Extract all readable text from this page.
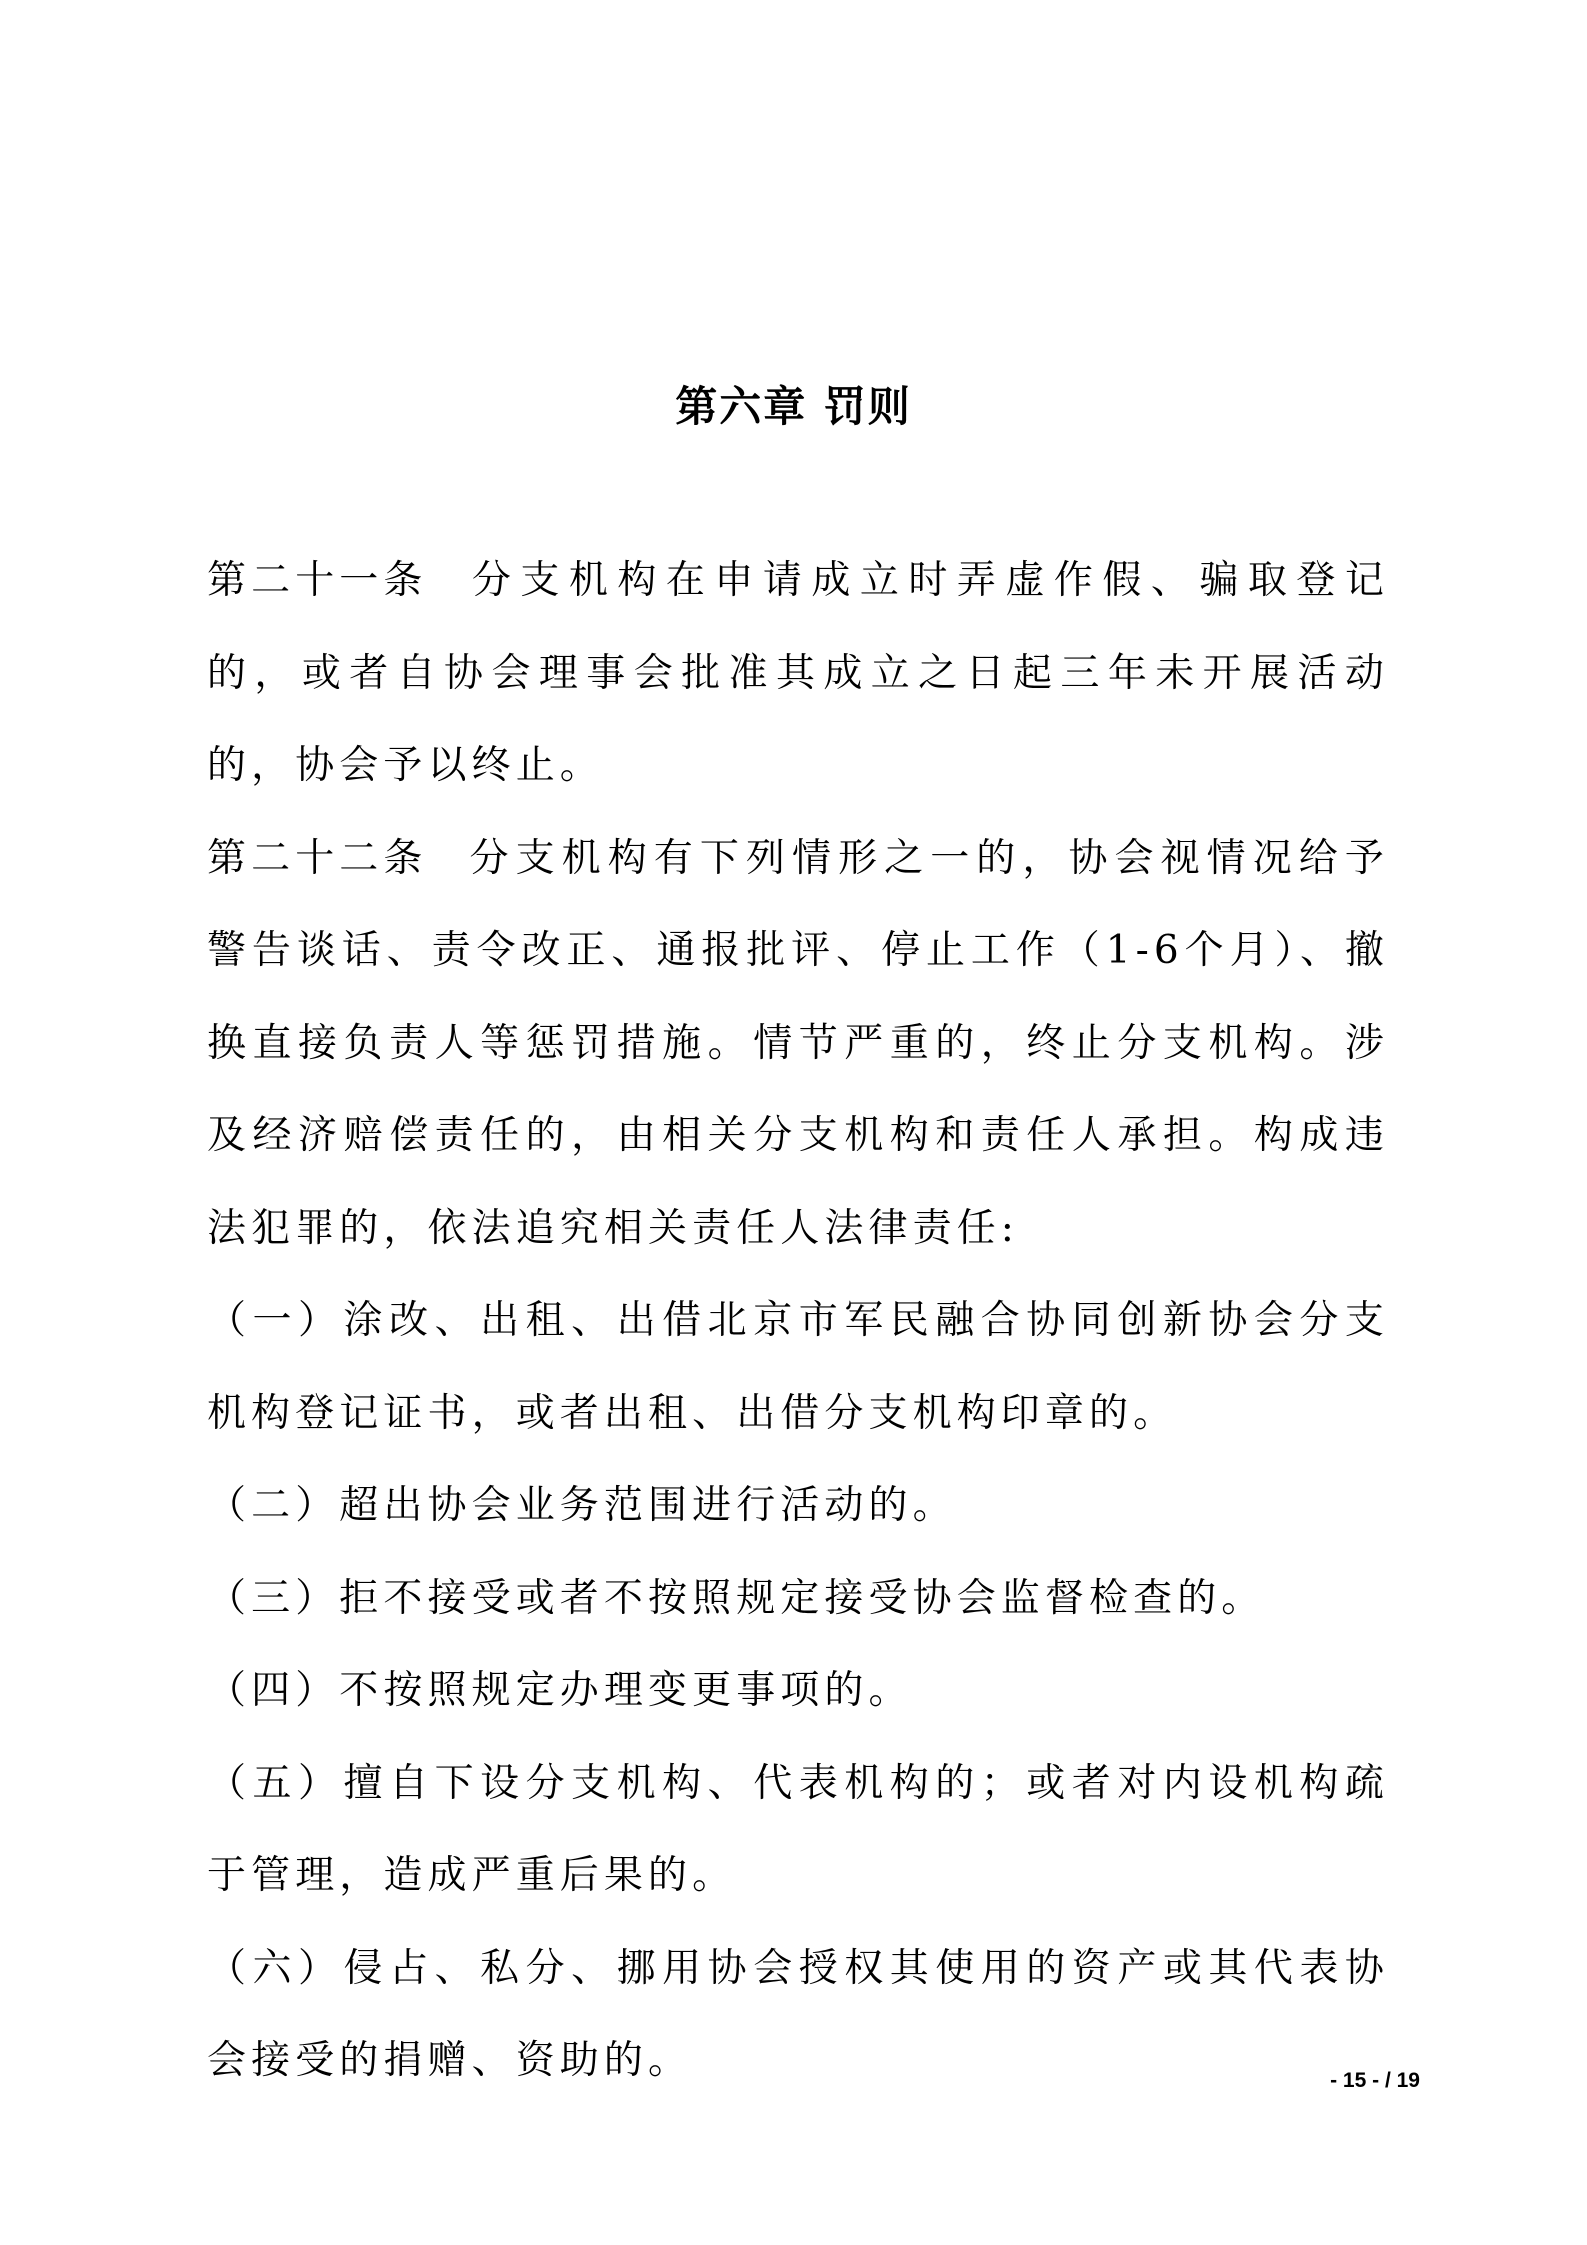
第六章 罚则

第二十一条 分支机构在申请成立时弄虚作假、骗取登记的，或者自协会理事会批准其成立之日起三年未开展活动的，协会予以终止。

第二十二条 分支机构有下列情形之一的，协会视情况给予警告谈话、责令改正、通报批评、停止工作（1-6个月）、撤换直接负责人等惩罚措施。情节严重的，终止分支机构。涉及经济赔偿责任的，由相关分支机构和责任人承担。构成违法犯罪的，依法追究相关责任人法律责任:

（一）涂改、出租、出借北京市军民融合协同创新协会分支机构登记证书，或者出租、出借分支机构印章的。

（二）超出协会业务范围进行活动的。

（三）拒不接受或者不按照规定接受协会监督检查的。

（四）不按照规定办理变更事项的。

（五）擅自下设分支机构、代表机构的；或者对内设机构疏于管理，造成严重后果的。

（六）侵占、私分、挪用协会授权其使用的资产或其代表协会接受的捐赠、资助的。	- 15 - / 19
